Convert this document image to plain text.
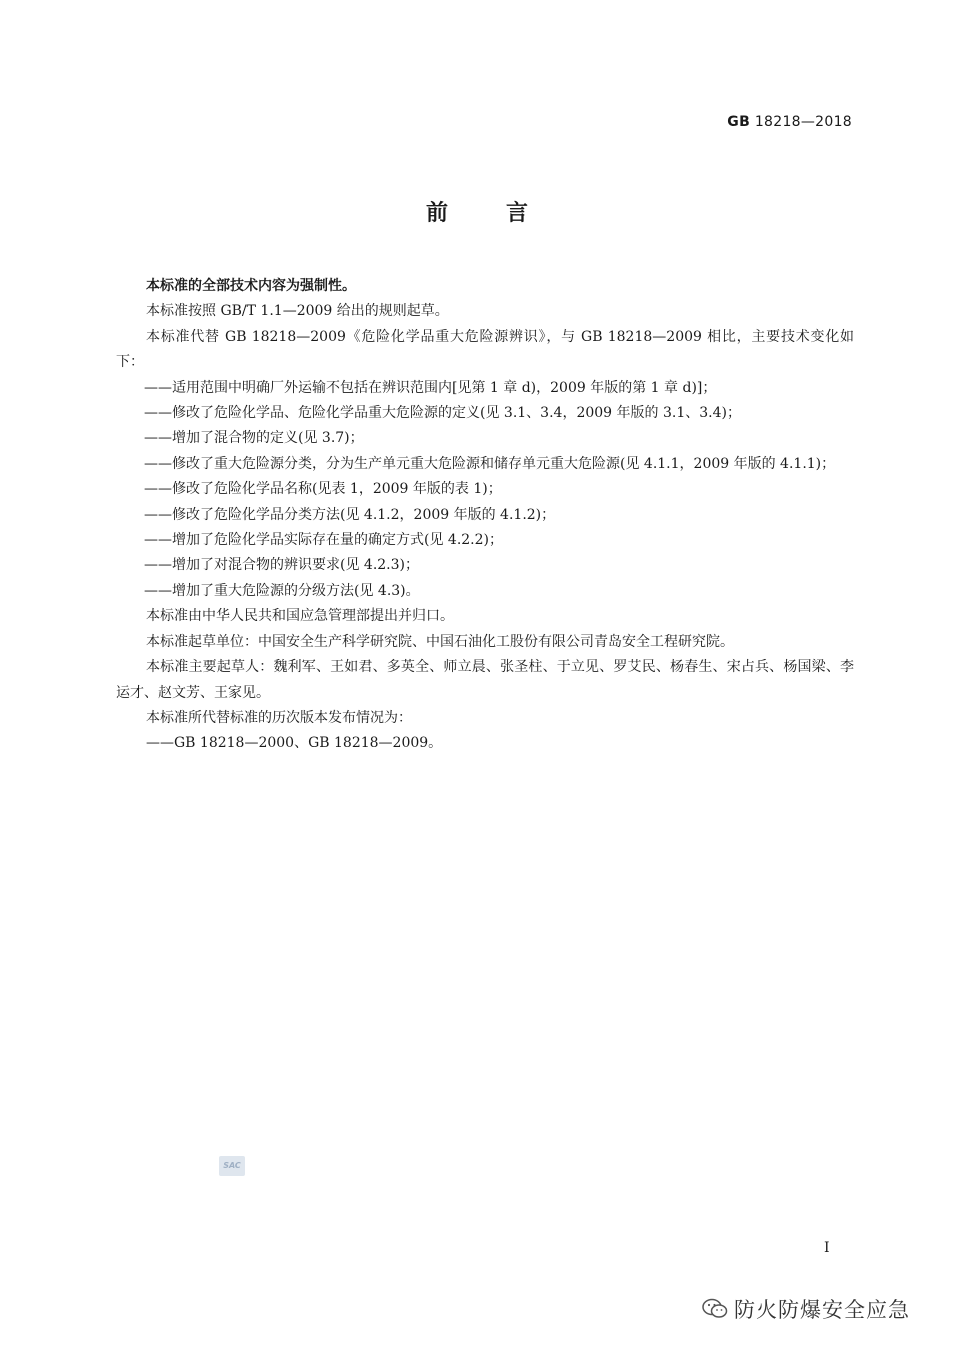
GB 18218—2018
前言

本标准的全部技术内容为强制性。

本标准按照 GB/T 1.1—2009 给出的规则起草。

本标准代替 GB 18218—2009《危险化学品重大危险源辨识》，与 GB 18218—2009 相比，主要技术变化如下：

——适用范围中明确厂外运输不包括在辨识范围内[见第 1 章 d)，2009 年版的第 1 章 d)]；

——修改了危险化学品、危险化学品重大危险源的定义(见 3.1、3.4，2009 年版的 3.1、3.4)；

——增加了混合物的定义(见 3.7)；

——修改了重大危险源分类，分为生产单元重大危险源和储存单元重大危险源(见 4.1.1，2009 年版的 4.1.1)；

——修改了危险化学品名称(见表 1，2009 年版的表 1)；

——修改了危险化学品分类方法(见 4.1.2，2009 年版的 4.1.2)；

——增加了危险化学品实际存在量的确定方式(见 4.2.2)；

——增加了对混合物的辨识要求(见 4.2.3)；

——增加了重大危险源的分级方法(见 4.3)。

本标准由中华人民共和国应急管理部提出并归口。

本标准起草单位：中国安全生产科学研究院、中国石油化工股份有限公司青岛安全工程研究院。

本标准主要起草人：魏利军、王如君、多英全、师立晨、张圣柱、于立见、罗艾民、杨春生、宋占兵、杨国梁、李运才、赵文芳、王家见。

本标准所代替标准的历次版本发布情况为：

——GB 18218—2000、GB 18218—2009。

SAC
I
防火防爆安全应急
